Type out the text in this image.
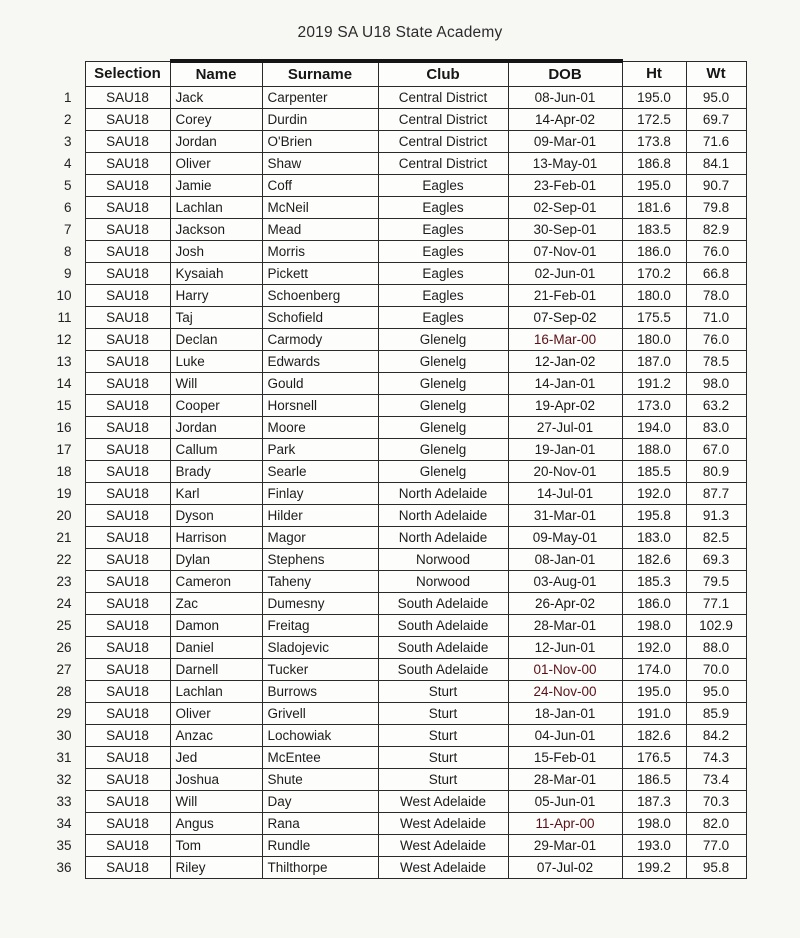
2019 SA U18 State Academy
	Selection	Name	Surname	Club	DOB	Ht	Wt
1	SAU18	Jack	Carpenter	Central District	08-Jun-01	195.0	95.0
2	SAU18	Corey	Durdin	Central District	14-Apr-02	172.5	69.7
3	SAU18	Jordan	O'Brien	Central District	09-Mar-01	173.8	71.6
4	SAU18	Oliver	Shaw	Central District	13-May-01	186.8	84.1
5	SAU18	Jamie	Coff	Eagles	23-Feb-01	195.0	90.7
6	SAU18	Lachlan	McNeil	Eagles	02-Sep-01	181.6	79.8
7	SAU18	Jackson	Mead	Eagles	30-Sep-01	183.5	82.9
8	SAU18	Josh	Morris	Eagles	07-Nov-01	186.0	76.0
9	SAU18	Kysaiah	Pickett	Eagles	02-Jun-01	170.2	66.8
10	SAU18	Harry	Schoenberg	Eagles	21-Feb-01	180.0	78.0
11	SAU18	Taj	Schofield	Eagles	07-Sep-02	175.5	71.0
12	SAU18	Declan	Carmody	Glenelg	16-Mar-00	180.0	76.0
13	SAU18	Luke	Edwards	Glenelg	12-Jan-02	187.0	78.5
14	SAU18	Will	Gould	Glenelg	14-Jan-01	191.2	98.0
15	SAU18	Cooper	Horsnell	Glenelg	19-Apr-02	173.0	63.2
16	SAU18	Jordan	Moore	Glenelg	27-Jul-01	194.0	83.0
17	SAU18	Callum	Park	Glenelg	19-Jan-01	188.0	67.0
18	SAU18	Brady	Searle	Glenelg	20-Nov-01	185.5	80.9
19	SAU18	Karl	Finlay	North Adelaide	14-Jul-01	192.0	87.7
20	SAU18	Dyson	Hilder	North Adelaide	31-Mar-01	195.8	91.3
21	SAU18	Harrison	Magor	North Adelaide	09-May-01	183.0	82.5
22	SAU18	Dylan	Stephens	Norwood	08-Jan-01	182.6	69.3
23	SAU18	Cameron	Taheny	Norwood	03-Aug-01	185.3	79.5
24	SAU18	Zac	Dumesny	South Adelaide	26-Apr-02	186.0	77.1
25	SAU18	Damon	Freitag	South Adelaide	28-Mar-01	198.0	102.9
26	SAU18	Daniel	Sladojevic	South Adelaide	12-Jun-01	192.0	88.0
27	SAU18	Darnell	Tucker	South Adelaide	01-Nov-00	174.0	70.0
28	SAU18	Lachlan	Burrows	Sturt	24-Nov-00	195.0	95.0
29	SAU18	Oliver	Grivell	Sturt	18-Jan-01	191.0	85.9
30	SAU18	Anzac	Lochowiak	Sturt	04-Jun-01	182.6	84.2
31	SAU18	Jed	McEntee	Sturt	15-Feb-01	176.5	74.3
32	SAU18	Joshua	Shute	Sturt	28-Mar-01	186.5	73.4
33	SAU18	Will	Day	West Adelaide	05-Jun-01	187.3	70.3
34	SAU18	Angus	Rana	West Adelaide	11-Apr-00	198.0	82.0
35	SAU18	Tom	Rundle	West Adelaide	29-Mar-01	193.0	77.0
36	SAU18	Riley	Thilthorpe	West Adelaide	07-Jul-02	199.2	95.8
